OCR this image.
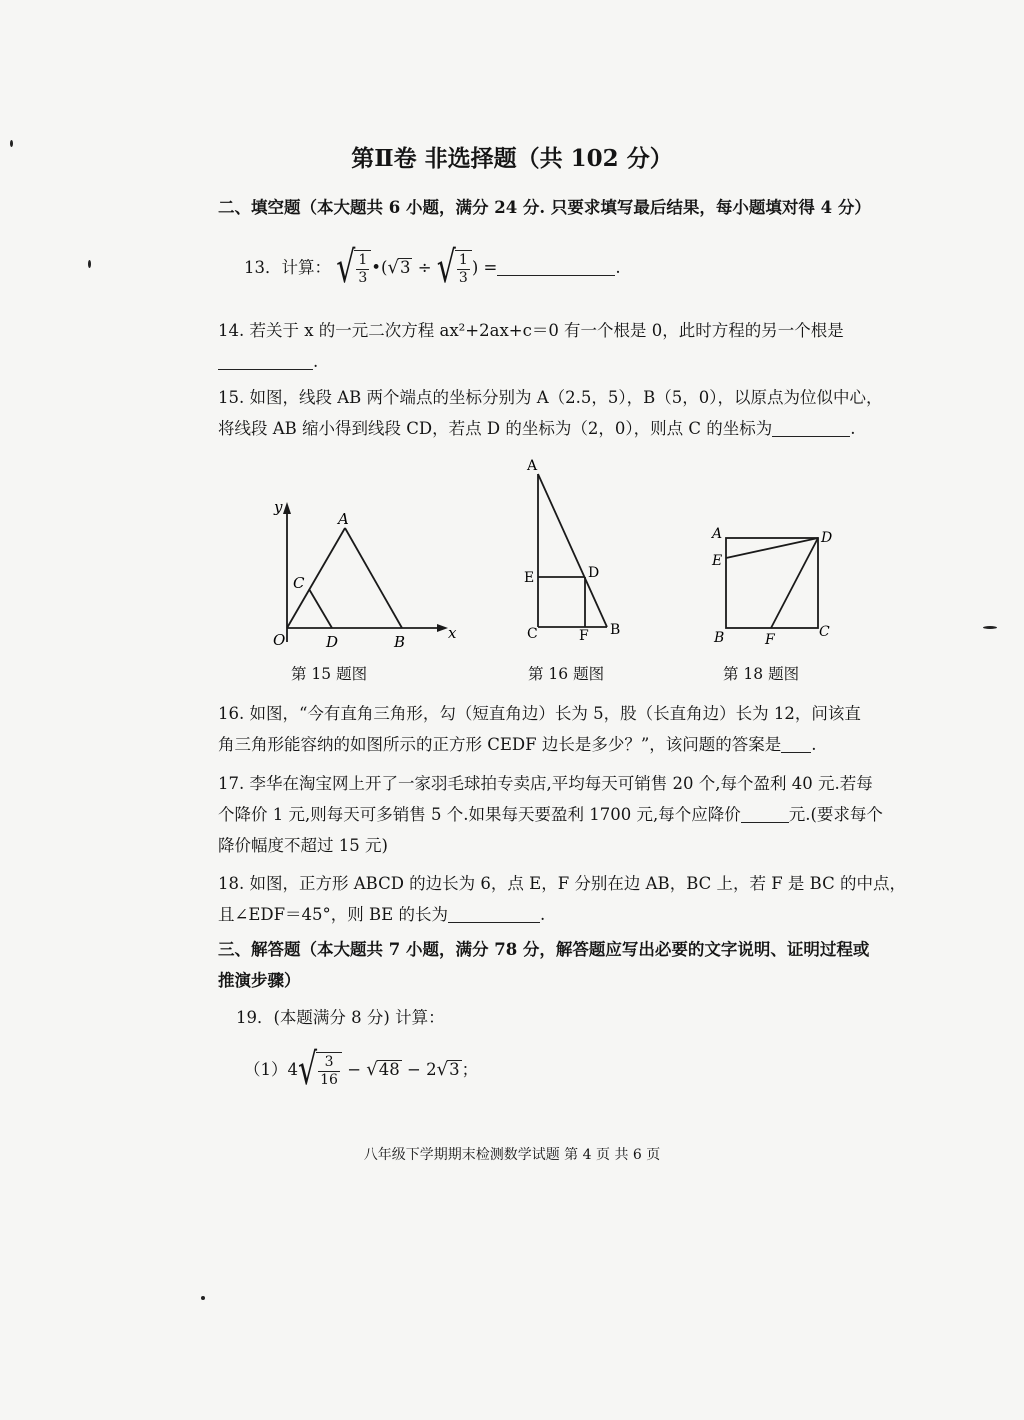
第Ⅱ卷 非选择题（共 102 分）
二、填空题（本大题共 6 小题，满分 24 分. 只要求填写最后结果，每小题填对得 4 分）
13．计算： √ $\frac{1}{3}$ •(√3 ÷ √ $\frac{1}{3}$ ) =	.
14. 若关于 x 的一元二次方程 ax²+2ax+c＝0 有一个根是 0，此时方程的另一个根是
.
15. 如图，线段 AB 两个端点的坐标分别为 A（2.5，5），B（5，0），以原点为位似中心，
将线段 AB 缩小得到线段 CD，若点 D 的坐标为（2，0），则点 C 的坐标为	.
y
x
A
C
O	D	B
第 15 题图
A
E	D
C	F B
第 16 题图
A	D
E
B	F	C
第 18 题图
16. 如图，“今有直角三角形，勾（短直角边）长为 5，股（长直角边）长为 12，问该直
角三角形能容纳的如图所示的正方形 CEDF 边长是多少？”，该问题的答案是 .
17. 李华在淘宝网上开了一家羽毛球拍专卖店,平均每天可销售 20 个,每个盈利 40 元.若每
个降价 1 元,则每天可多销售 5 个.如果每天要盈利 1700 元,每个应降价	元.(要求每个
降价幅度不超过 15 元)
18. 如图，正方形 ABCD 的边长为 6，点 E，F 分别在边 AB，BC 上，若 F 是 BC 的中点，
且∠EDF＝45°，则 BE 的长为	.
三、解答题（本大题共 7 小题，满分 78 分，解答题应写出必要的文字说明、证明过程或
推演步骤）
19．(本题满分 8 分) 计算：
$(1)4√ \frac{3}{16} - √48 - 2√3$ ；
八年级下学期期末检测数学试题 第 4 页 共 6 页
